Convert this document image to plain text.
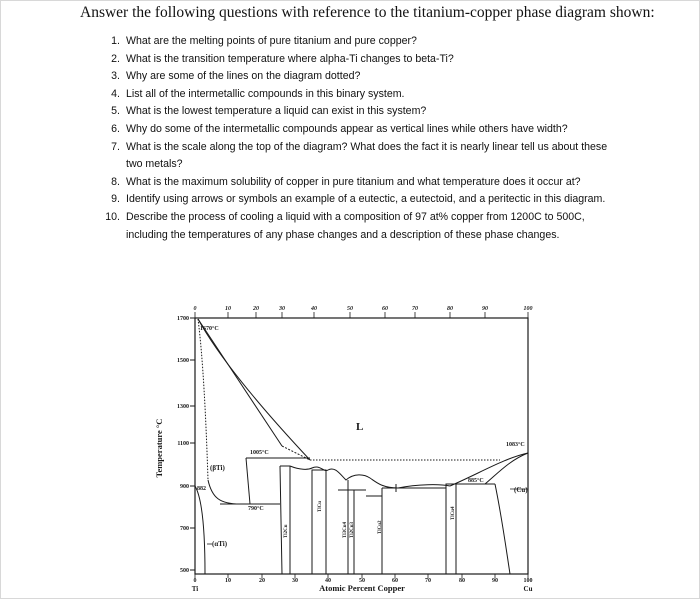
Answer the following questions with reference to the titanium-copper phase diagram shown:
1. What are the melting points of pure titanium and pure copper?
2. What is the transition temperature where alpha-Ti changes to beta-Ti?
3. Why are some of the lines on the diagram dotted?
4. List all of the intermetallic compounds in this binary system.
5. What is the lowest temperature a liquid can exist in this system?
6. Why do some of the intermetallic compounds appear as vertical lines while others have width?
7. What is the scale along the top of the diagram? What does the fact it is nearly linear tell us about these two metals?
8. What is the maximum solubility of copper in pure titanium and what temperature does it occur at?
9. Identify using arrows or symbols an example of a eutectic, a eutectoid, and a peritectic in this diagram.
10. Describe the process of cooling a liquid with a composition of 97 at% copper from 1200C to 500C, including the temperatures of any phase changes and a description of these phase changes.
1700
1500
1300
1100
900
700
500
0	10	20	30	40	50	60	70	80	90	100
0	10	20	30	40	50	60	70	80	90	100
Ti	Cu
Atomic Percent Copper
Temperature °C
1670°C
1083°C
1005°C
790°C
885°C
882
(βTi)
(αTi)
(Cu)
L
Ti2Cu
TiCu
Ti3Cu4 Ti2Cu3	TiCu2
TiCu4
